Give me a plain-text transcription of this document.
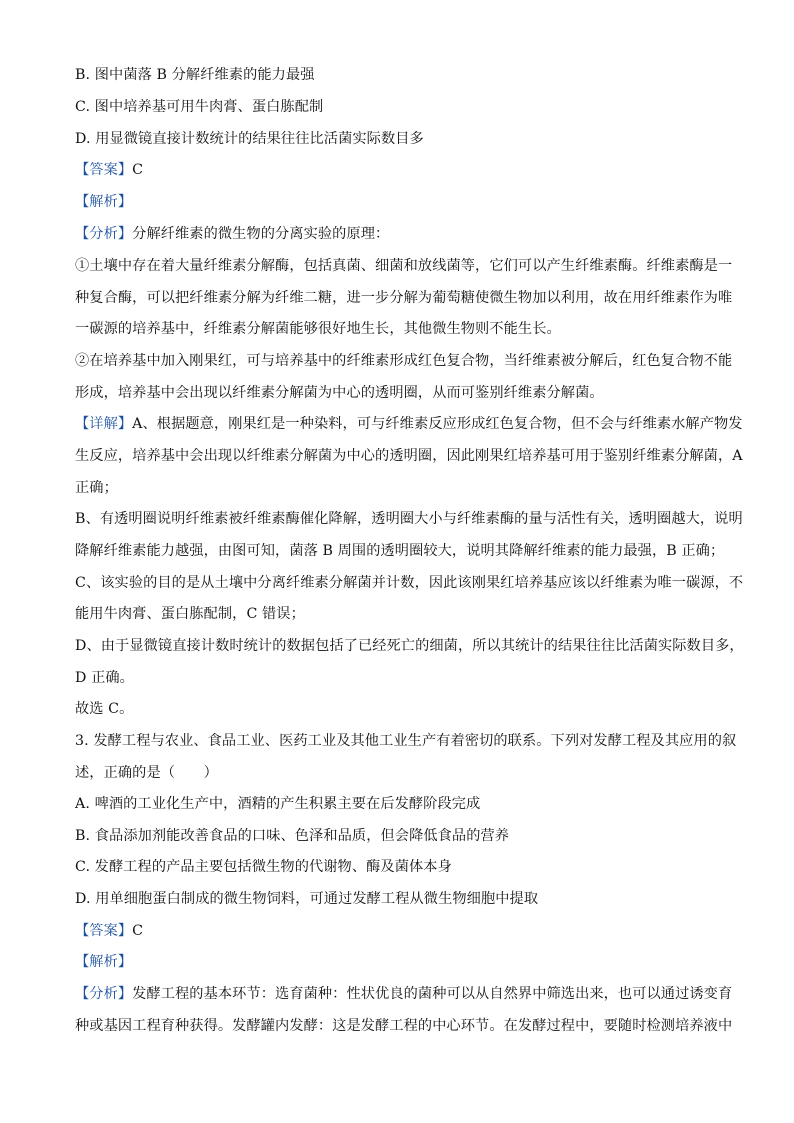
B. 图中菌落 B 分解纤维素的能力最强
C. 图中培养基可用牛肉膏、蛋白胨配制
D. 用显微镜直接计数统计的结果往往比活菌实际数目多
【答案】C
【解析】
【分析】分解纤维素的微生物的分离实验的原理：
①土壤中存在着大量纤维素分解酶，包括真菌、细菌和放线菌等，它们可以产生纤维素酶。纤维素酶是一
种复合酶，可以把纤维素分解为纤维二糖，进一步分解为葡萄糖使微生物加以利用，故在用纤维素作为唯
一碳源的培养基中，纤维素分解菌能够很好地生长，其他微生物则不能生长。
②在培养基中加入刚果红，可与培养基中的纤维素形成红色复合物，当纤维素被分解后，红色复合物不能
形成，培养基中会出现以纤维素分解菌为中心的透明圈，从而可鉴别纤维素分解菌。
【详解】A、根据题意，刚果红是一种染料，可与纤维素反应形成红色复合物，但不会与纤维素水解产物发
生反应，培养基中会出现以纤维素分解菌为中心的透明圈，因此刚果红培养基可用于鉴别纤维素分解菌，A
正确；
B、有透明圈说明纤维素被纤维素酶催化降解，透明圈大小与纤维素酶的量与活性有关，透明圈越大，说明
降解纤维素能力越强，由图可知，菌落 B 周围的透明圈较大，说明其降解纤维素的能力最强，B 正确；
C、该实验的目的是从土壤中分离纤维素分解菌并计数，因此该刚果红培养基应该以纤维素为唯一碳源，不
能用牛肉膏、蛋白胨配制，C 错误；
D、由于显微镜直接计数时统计的数据包括了已经死亡的细菌，所以其统计的结果往往比活菌实际数目多，
D 正确。
故选 C。
3. 发酵工程与农业、食品工业、医药工业及其他工业生产有着密切的联系。下列对发酵工程及其应用的叙
述，正确的是（　　）
A. 啤酒的工业化生产中，酒精的产生积累主要在后发酵阶段完成
B. 食品添加剂能改善食品的口味、色泽和品质，但会降低食品的营养
C. 发酵工程的产品主要包括微生物的代谢物、酶及菌体本身
D. 用单细胞蛋白制成的微生物饲料，可通过发酵工程从微生物细胞中提取
【答案】C
【解析】
【分析】发酵工程的基本环节：选育菌种：性状优良的菌种可以从自然界中筛选出来，也可以通过诱变育
种或基因工程育种获得。发酵罐内发酵：这是发酵工程的中心环节。在发酵过程中，要随时检测培养液中
